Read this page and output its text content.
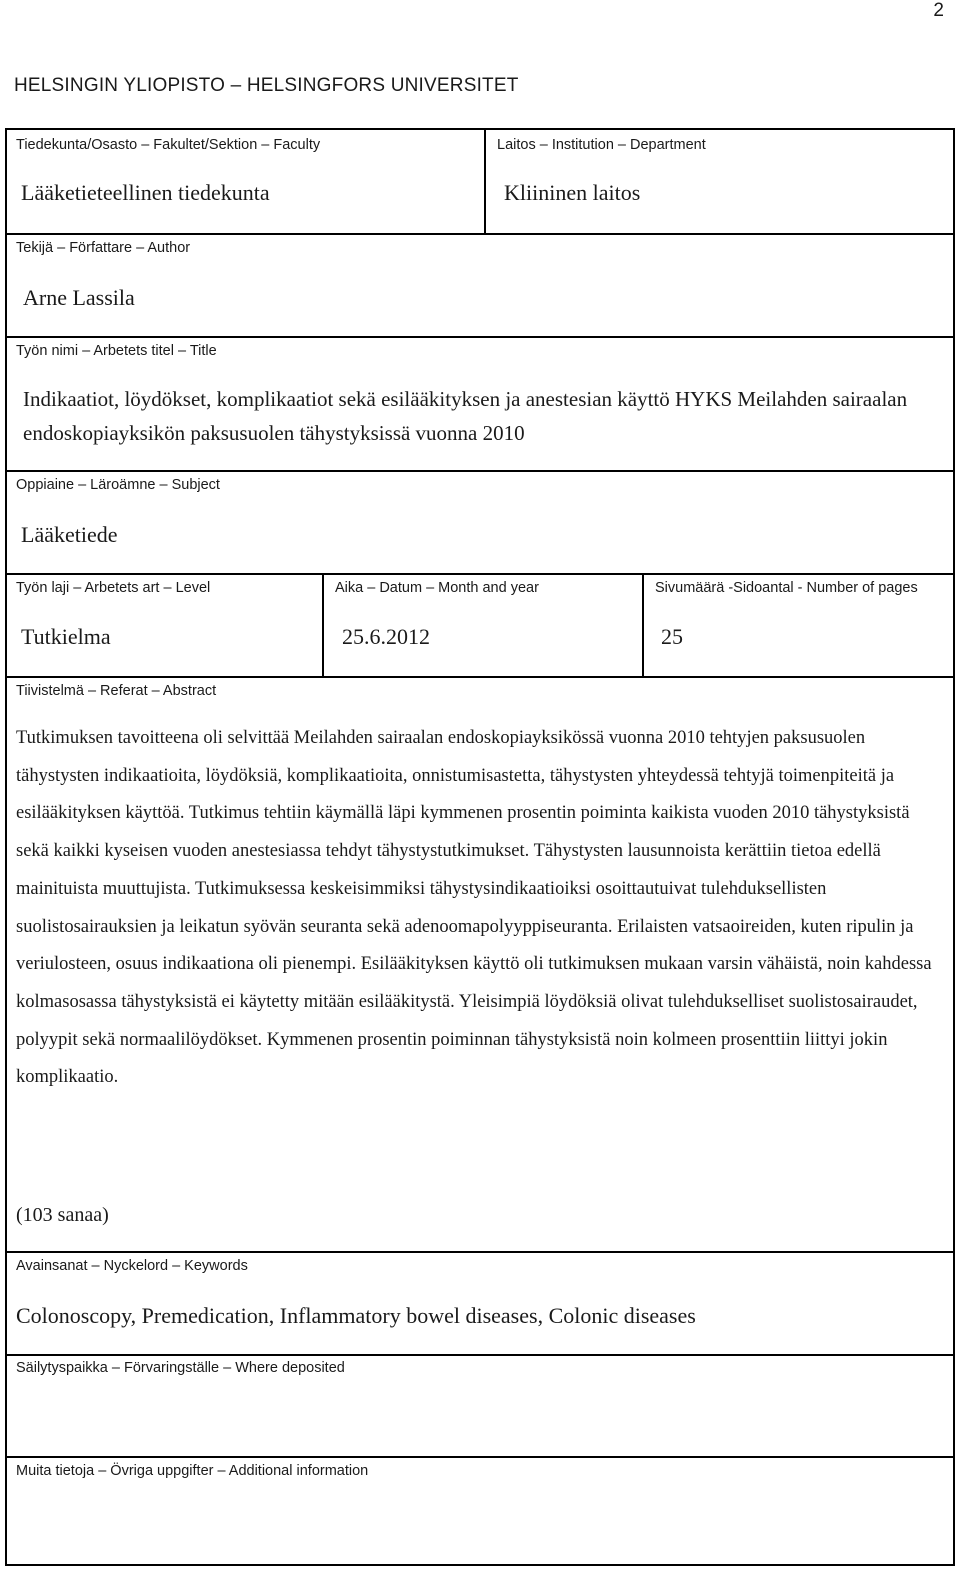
2
HELSINGIN YLIOPISTO – HELSINGFORS UNIVERSITET
Tiedekunta/Osasto – Fakultet/Sektion – Faculty
Lääketieteellinen tiedekunta
Laitos – Institution – Department
Kliininen laitos
Tekijä – Författare – Author
Arne Lassila
Työn nimi – Arbetets titel – Title
Indikaatiot, löydökset, komplikaatiot sekä esilääkityksen ja anestesian käyttö HYKS Meilahden sairaalan endoskopiayksikön paksusuolen tähystyksissä vuonna 2010
Oppiaine – Läroämne – Subject
Lääketiede
Työn laji – Arbetets art – Level
Tutkielma
Aika – Datum – Month and year
25.6.2012
Sivumäärä -Sidoantal - Number of pages
25
Tiivistelmä – Referat – Abstract
Tutkimuksen tavoitteena oli selvittää Meilahden sairaalan endoskopiayksikössä vuonna 2010 tehtyjen paksusuolen tähystysten indikaatioita, löydöksiä, komplikaatioita, onnistumisastetta, tähystysten yhteydessä tehtyjä toimenpiteitä ja esilääkityksen käyttöä. Tutkimus tehtiin käymällä läpi kymmenen prosentin poiminta kaikista vuoden 2010 tähystyksistä sekä kaikki kyseisen vuoden anestesiassa tehdyt tähystystutkimukset. Tähystysten lausunnoista kerättiin tietoa edellä mainituista muuttujista. Tutkimuksessa keskeisimmiksi tähystysindikaatioiksi osoittautuivat tulehduksellisten suolistosairauksien ja leikatun syövän seuranta sekä adenoomapolyyppiseuranta. Erilaisten vatsaoireiden, kuten ripulin ja veriulosteen, osuus indikaationa oli pienempi. Esilääkityksen käyttö oli tutkimuksen mukaan varsin vähäistä, noin kahdessa kolmasosassa tähystyksistä ei käytetty mitään esilääkitystä. Yleisimpiä löydöksiä olivat tulehdukselliset suolistosairaudet, polyypit sekä normaalilöydökset. Kymmenen prosentin poiminnan tähystyksistä noin kolmeen prosenttiin liittyi jokin komplikaatio.
(103 sanaa)
Avainsanat – Nyckelord – Keywords
Colonoscopy, Premedication, Inflammatory bowel diseases, Colonic diseases
Säilytyspaikka – Förvaringställe – Where deposited
Muita tietoja – Övriga uppgifter – Additional information
